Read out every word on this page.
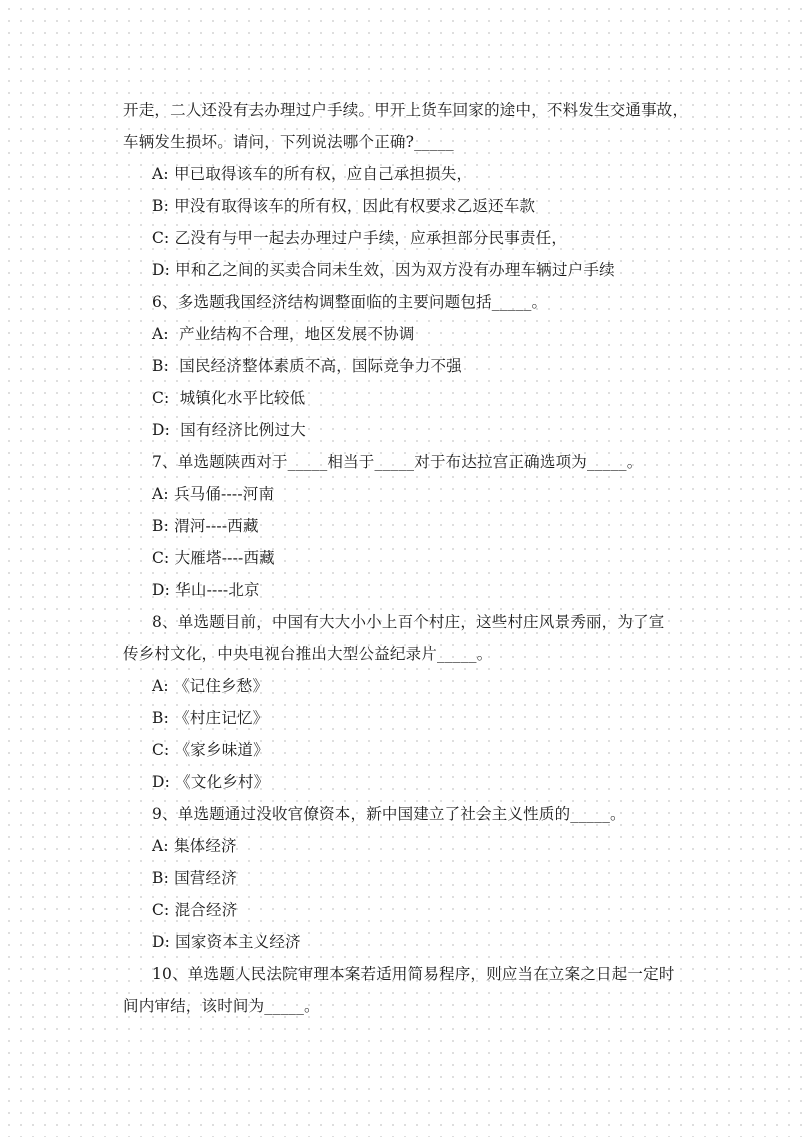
开走，二人还没有去办理过户手续。甲开上货车回家的途中，不料发生交通事故，
车辆发生损坏。请问，下列说法哪个正确?_____
A: 甲已取得该车的所有权，应自己承担损失，
B: 甲没有取得该车的所有权，因此有权要求乙返还车款
C: 乙没有与甲一起去办理过户手续，应承担部分民事责任，
D: 甲和乙之间的买卖合同未生效，因为双方没有办理车辆过户手续
6、多选题我国经济结构调整面临的主要问题包括_____。
A:  产业结构不合理，地区发展不协调
B:  国民经济整体素质不高，国际竞争力不强
C:  城镇化水平比较低
D:  国有经济比例过大
7、单选题陕西对于_____相当于_____对于布达拉宫正确选项为_____。
A: 兵马俑----河南
B: 渭河----西藏
C: 大雁塔----西藏
D: 华山----北京
8、单选题目前，中国有大大小小上百个村庄，这些村庄风景秀丽，为了宣
传乡村文化，中央电视台推出大型公益纪录片_____。
A: 《记住乡愁》
B: 《村庄记忆》
C: 《家乡味道》
D: 《文化乡村》
9、单选题通过没收官僚资本，新中国建立了社会主义性质的_____。
A: 集体经济
B: 国营经济
C: 混合经济
D: 国家资本主义经济
10、单选题人民法院审理本案若适用简易程序，则应当在立案之日起一定时
间内审结，该时间为_____。
